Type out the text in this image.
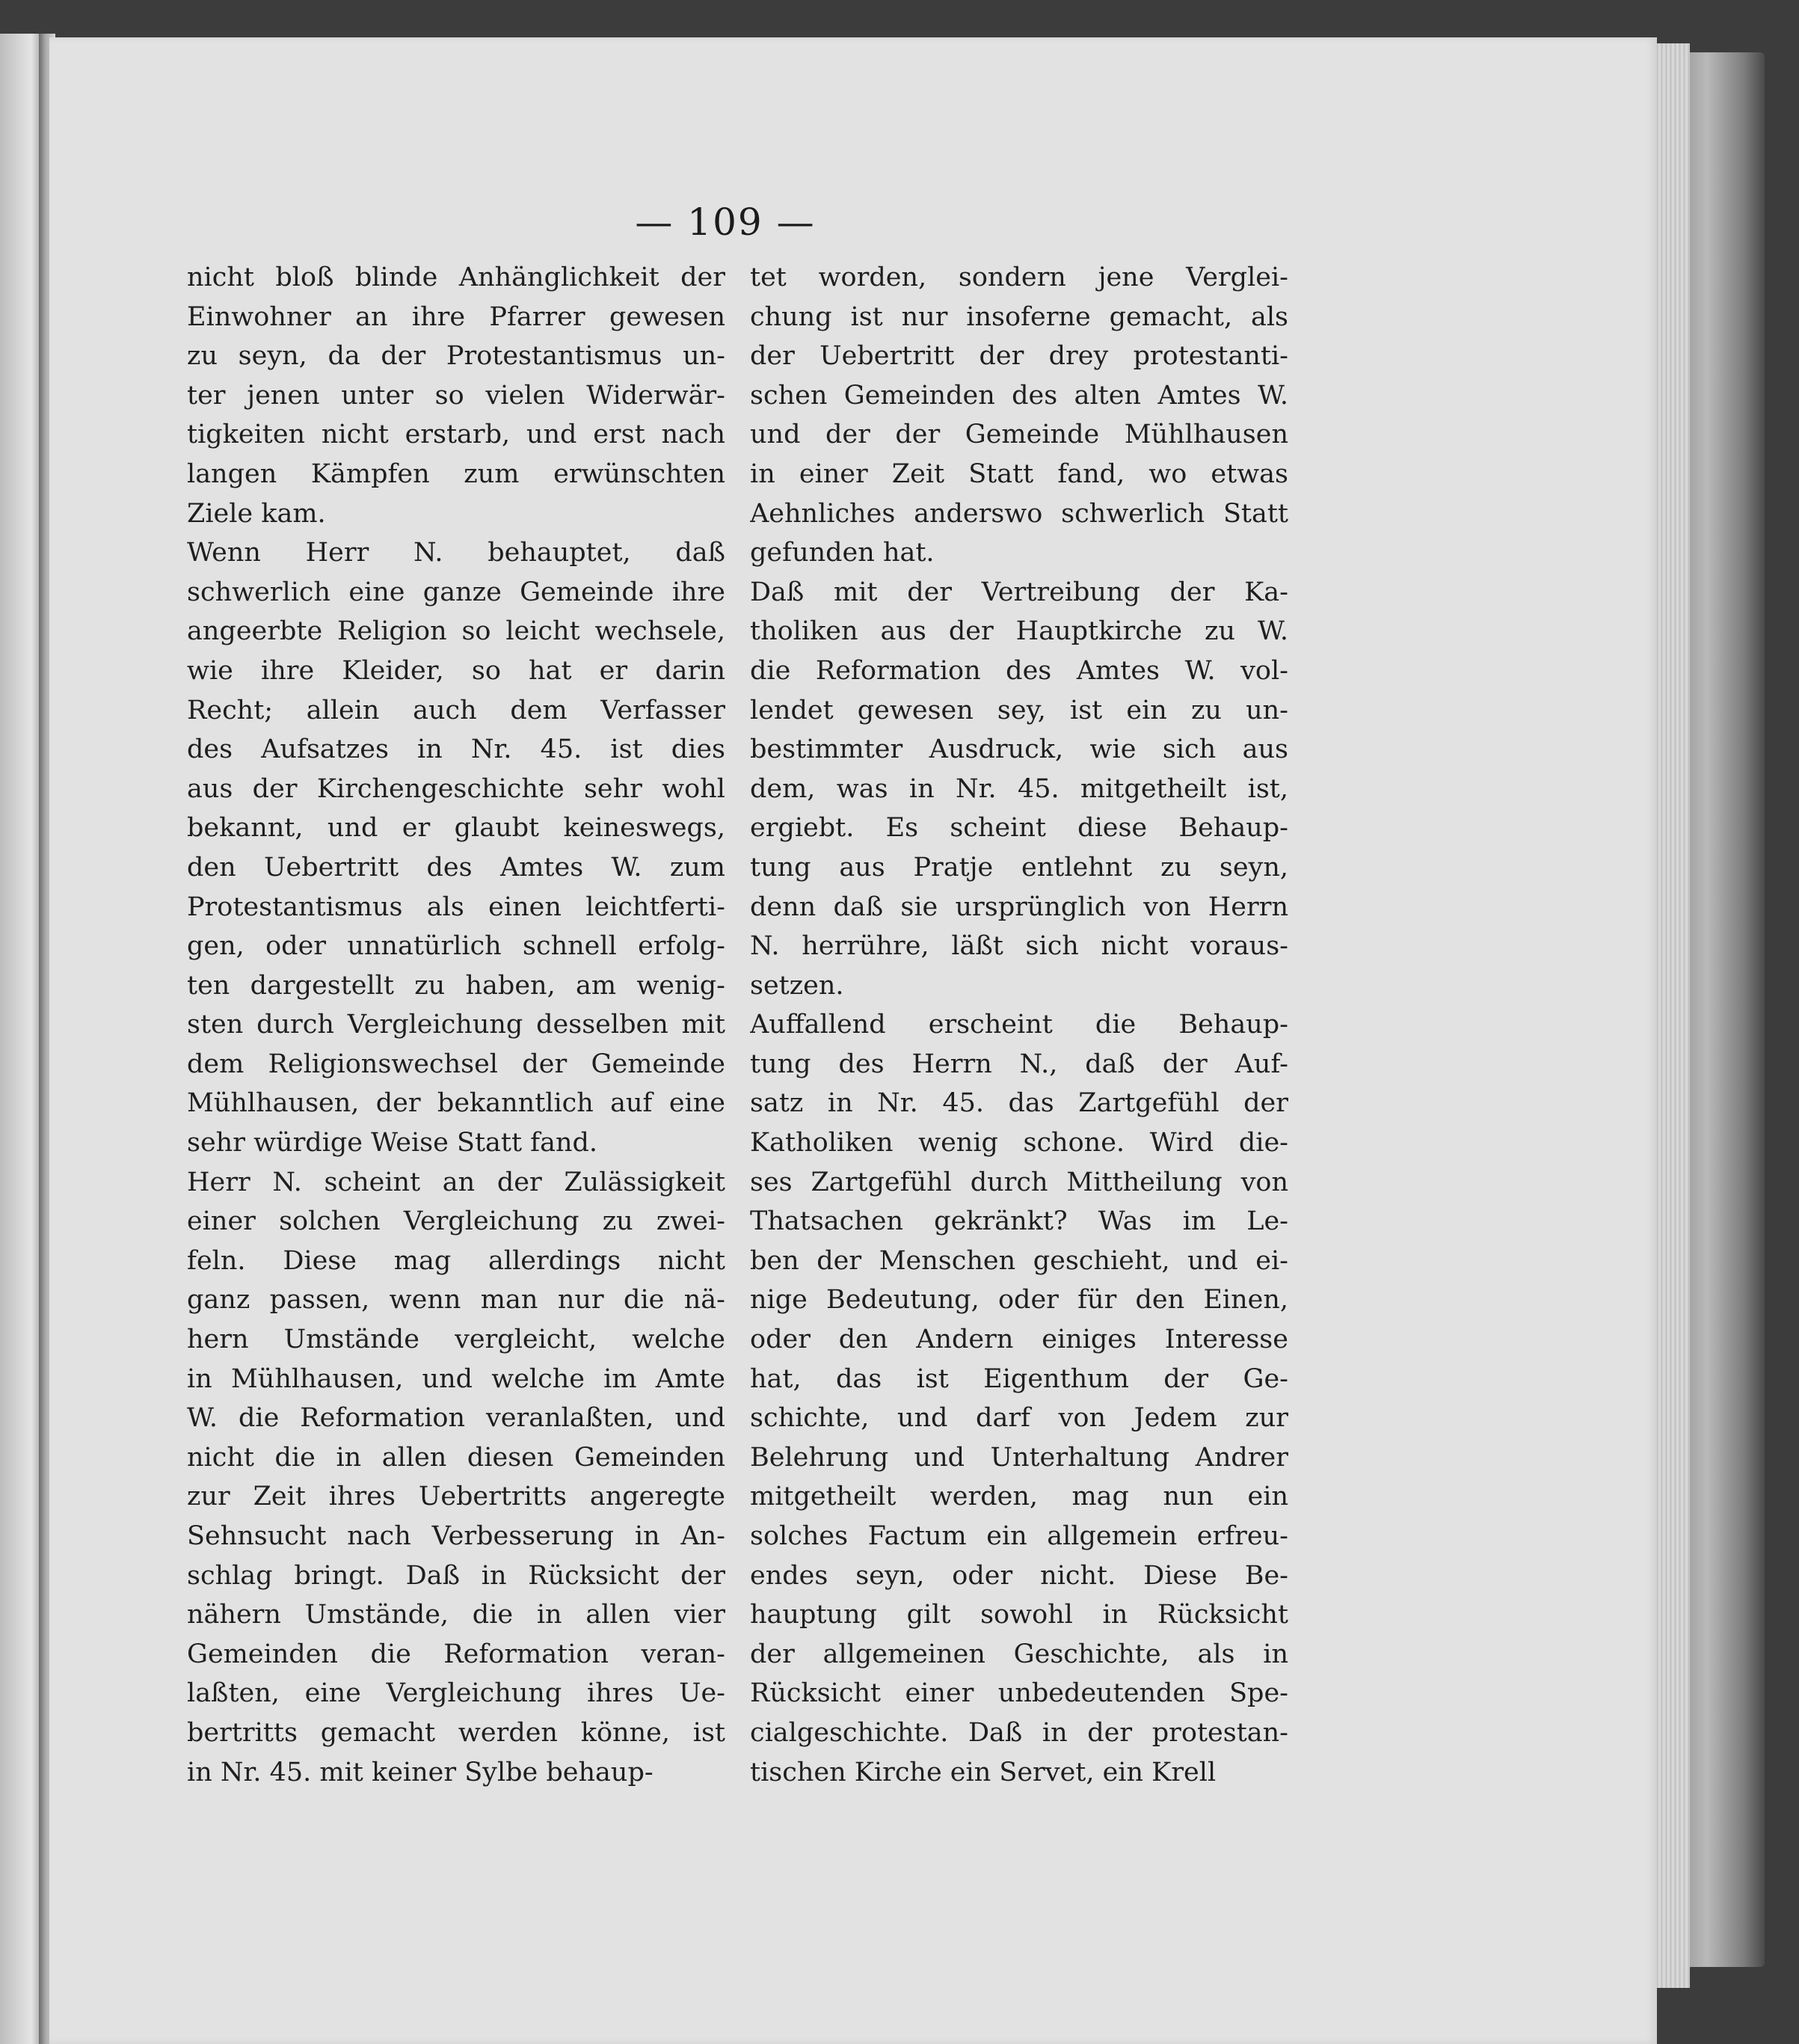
— 109 —
nicht bloß blinde Anhänglichkeit der
Einwohner an ihre Pfarrer gewesen
zu seyn, da der Protestantismus un-
ter jenen unter so vielen Widerwär-
tigkeiten nicht erstarb, und erst nach
langen Kämpfen zum erwünschten
Ziele kam.
Wenn Herr N. behauptet, daß
schwerlich eine ganze Gemeinde ihre
angeerbte Religion so leicht wechsele,
wie ihre Kleider, so hat er darin
Recht; allein auch dem Verfasser
des Aufsatzes in Nr. 45. ist dies
aus der Kirchengeschichte sehr wohl
bekannt, und er glaubt keineswegs,
den Uebertritt des Amtes W. zum
Protestantismus als einen leichtferti-
gen, oder unnatürlich schnell erfolg-
ten dargestellt zu haben, am wenig-
sten durch Vergleichung desselben mit
dem Religionswechsel der Gemeinde
Mühlhausen, der bekanntlich auf eine
sehr würdige Weise Statt fand.
Herr N. scheint an der Zulässigkeit
einer solchen Vergleichung zu zwei-
feln. Diese mag allerdings nicht
ganz passen, wenn man nur die nä-
hern Umstände vergleicht, welche
in Mühlhausen, und welche im Amte
W. die Reformation veranlaßten, und
nicht die in allen diesen Gemeinden
zur Zeit ihres Uebertritts angeregte
Sehnsucht nach Verbesserung in An-
schlag bringt. Daß in Rücksicht der
nähern Umstände, die in allen vier
Gemeinden die Reformation veran-
laßten, eine Vergleichung ihres Ue-
bertritts gemacht werden könne, ist
in Nr. 45. mit keiner Sylbe behaup-
tet worden, sondern jene Verglei-
chung ist nur insoferne gemacht, als
der Uebertritt der drey protestanti-
schen Gemeinden des alten Amtes W.
und der der Gemeinde Mühlhausen
in einer Zeit Statt fand, wo etwas
Aehnliches anderswo schwerlich Statt
gefunden hat.
Daß mit der Vertreibung der Ka-
tholiken aus der Hauptkirche zu W.
die Reformation des Amtes W. vol-
lendet gewesen sey, ist ein zu un-
bestimmter Ausdruck, wie sich aus
dem, was in Nr. 45. mitgetheilt ist,
ergiebt. Es scheint diese Behaup-
tung aus Pratje entlehnt zu seyn,
denn daß sie ursprünglich von Herrn
N. herrühre, läßt sich nicht voraus-
setzen.
Auffallend erscheint die Behaup-
tung des Herrn N., daß der Auf-
satz in Nr. 45. das Zartgefühl der
Katholiken wenig schone. Wird die-
ses Zartgefühl durch Mittheilung von
Thatsachen gekränkt? Was im Le-
ben der Menschen geschieht, und ei-
nige Bedeutung, oder für den Einen,
oder den Andern einiges Interesse
hat, das ist Eigenthum der Ge-
schichte, und darf von Jedem zur
Belehrung und Unterhaltung Andrer
mitgetheilt werden, mag nun ein
solches Factum ein allgemein erfreu-
endes seyn, oder nicht. Diese Be-
hauptung gilt sowohl in Rücksicht
der allgemeinen Geschichte, als in
Rücksicht einer unbedeutenden Spe-
cialgeschichte. Daß in der protestan-
tischen Kirche ein Servet, ein Krell
